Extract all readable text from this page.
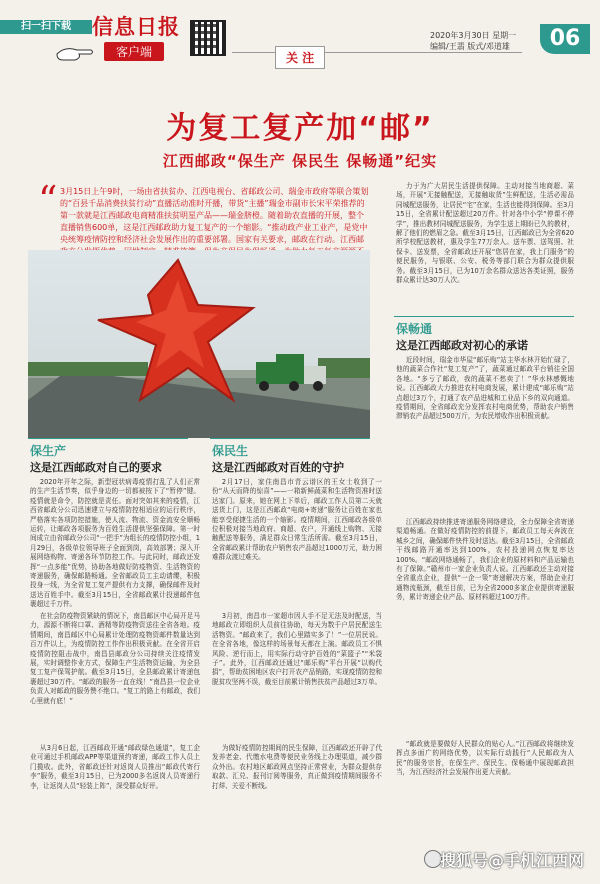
扫一扫下载	信息日报
客户端	关 注
2020年3月30日 星期一
编辑/王翡 版式/邓道雄	06
为复工复产加“邮”
江西邮政“保生产 保民生 保畅通”纪实
“ 3月15日上午9时，一场由省扶贫办、江西电视台、省邮政公司、瑞金市政府等联合策划的“百县千品消费扶贫行动”直播活动准时开播，带货“主播”瑞金市副市长宋平荣推荐的第一款就是江西邮政电商精准扶贫明星产品——瑞金脐橙。随着助农直播的开展，整个直播销售600单，这是江西邮政助力复工复产的一个缩影。“推动政产业工业产，是党中央统筹疫情防控和经济社会发展作出的重要部署。国家有关要求，邮政在行动。江西邮
保生产
这是江西邮政对自己的要求
2020年开年之际，新型冠状病毒疫情打乱了人们正常的生产生活节奏，似乎身边的一切都被按下了“暂停”键。疫情就是命令，防控就是责任。面对突如其来的疫情，江西省邮政分公司迅速建立与疫情防控相适应的运行秩序，严格落实各项防控措施，使人流、物流、资金流安全顺畅运转，让邮政各项服务为百姓生活提供坚强保障。第一时间成立由省邮政分公司“一把手”为组长的疫情防控小组，1月29日，各级单位领导班子全面到岗，高效部署；深入开展网络购物、寄递各环节防控工作。与此同时，邮政还发挥“一点多能”优势，协助各地做好防疫物资、生活物资的寄递服务，确保邮路畅通。全省邮政员工主动请缨，积极投身一线，为全省复工复产提供有力支撑，确保邮件及时送达百姓手中。截至3月15日，全省邮政累计投递邮件包裹超过千万件。
在社会防疫物资紧缺的情况下，南昌邮区中心局开足马力，源源不断将口罩、酒精等防疫物资送往全省各地。疫情期间，南昌邮区中心局累计处理防疫物资邮件数量达到百万件以上，为疫情防控工作作出积极贡献。在全省开启疫情防控阻击战中，南昌县邮政分公司持续关注疫情发展，实时调整作业方式，保障生产生活物资运输，为全县复工复产保驾护航。截至3月15日，全县邮政累计寄递包裹超过30万件。“邮政的服务一直在线！”南昌县一位企业负责人对邮政的服务赞不绝口。“复工的路上有邮政，我们心里就有底！”
从3月6日起，江西邮政开通“邮政绿色通道”，复工企业可通过手机邮政APP等渠道预约寄递，邮政工作人员上门揽收。此外，省邮政还针对返岗人员推出“邮政代寄行李”服务，截至3月15日，已为2000多名返岗人员寄递行李，让返岗人员“轻装上阵”，深受群众好评。
保民生
这是江西邮政对百姓的守护
2月17日，家住南昌市青云谱区的王女士收到了一份“从天而降的惊喜”——一箱新鲜蔬菜和生活物资准时送达家门。原来，她在网上下单后，邮政工作人员第二天就送货上门，这是江西邮政“电商+寄递”服务让百姓在家也能享受便捷生活的一个缩影。疫情期间，江西邮政各级单位积极对接当地政府、商超、农户，开通线上购物、无接触配送等服务，满足群众日常生活所需。截至3月15日，全省邮政累计帮助农户销售农产品超过1000万元，助力困难群众渡过难关。
3月初，南昌市一家超市因人手不足无法及时配送，当地邮政立即组织人员前往协助，每天为数千户居民配送生活物资。“邮政来了，我们心里踏实多了！”一位居民说。在全省各地，像这样的场景每天都在上演。邮政员工不惧风险、逆行而上，用实际行动守护百姓的“菜篮子”“米袋子”。此外，江西邮政还通过“邮乐购”平台开展“以购代捐”，帮助贫困地区农户打开农产品销路，实现疫情防控和脱贫攻坚两不误，截至目前累计销售扶贫产品超过3万单。
为做好疫情防控期间的民生保障，江西邮政还开辟了代发养老金、代缴水电费等便民业务线上办理渠道，减少群众外出。农村地区邮政网点坚持正常营业，为群众提供存取款、汇兑、报刊订阅等服务，真正做到疫情期间服务不打烊、关爱不断线。
力于为广大居民生活提供保障。主动对接当地商超、菜场，开展“无接触配送，无接触取货”生鲜配送，生活必需品同城配送服务，让居民“宅”在家，生活也能得到保障。至3月15日，全省累计配送超过20万件。针对各中小学“停课不停学”，推出教材同城配送服务，为学生送上期盼已久的教材，解了他们的燃眉之急。截至3月15日，江西邮政已为全省620所学校配送教材，惠及学生77万余人。送车票、送驾照、社保卡、送发票，全省邮政还开展“您居在家，我上门服务”的便民服务，与银联、公安、税务等部门联合为群众提供服务。截至3月15日，已为10万余名群众送达各类证照，服务群众累计达30万人次。
保畅通
这是江西邮政对初心的承诺
近段时间，瑞金市华屋“邮乐购”站主华水林开始忙碌了，他的蔬菜合作社“复工复产”了，蔬菜通过邮政平台销往全国各地。“多亏了邮政，我的蔬菜不愁卖了！”华水林感慨地说。江西邮政大力推进农村电商发展，累计建成“邮乐购”站点超过3万个，打通了农产品进城和工业品下乡的双向通道。疫情期间，全省邮政充分发挥农村电商优势，帮助农户销售滞销农产品超过500万斤，为农民增收作出积极贡献。
江西邮政持续推进寄递服务网络建设，全力保障全省寄递渠道畅通。在做好疫情防控的前提下，邮政员工每天奔波在城乡之间，确保邮件快件及时送达。截至3月15日，全省邮政干线邮路开通率达到100%，农村投递网点恢复率达100%。“邮政网络通畅了，我们企业的原材料和产品运输也有了保障。”赣州市一家企业负责人说。江西邮政还主动对接全省重点企业，提供“一企一策”寄递解决方案，帮助企业打通物流瓶颈，截至目前，已为全省2000多家企业提供寄递服务，累计寄递企业产品、原材料超过100万件。
“邮政就是要做好人民群众的贴心人。”江西邮政将继续发挥点多面广的网络优势，以实际行动践行“人民邮政为人民”的服务宗旨，在保生产、保民生、保畅通中展现邮政担当，为江西经济社会发展作出更大贡献。
搜狐号@手机江西网
